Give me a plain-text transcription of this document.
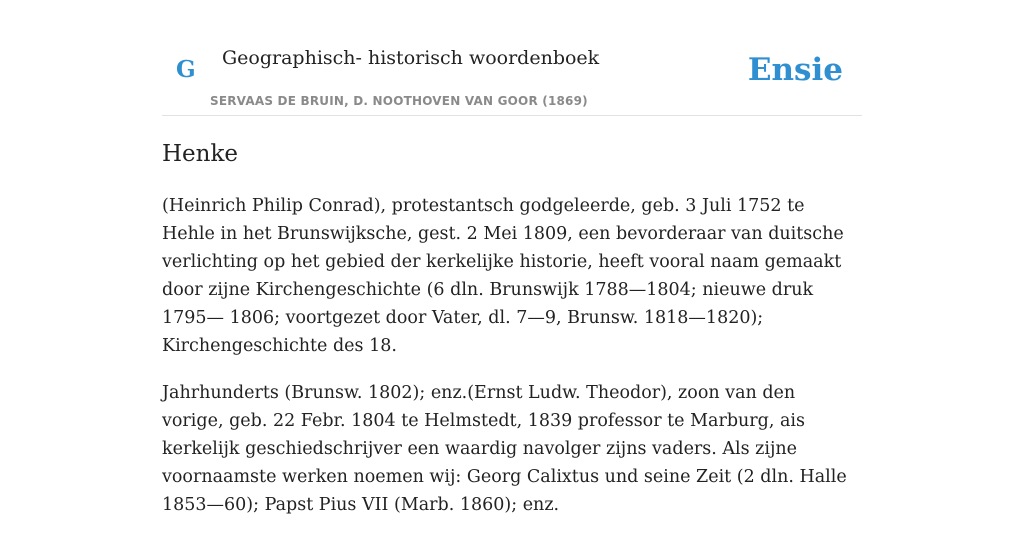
G Geographisch- historisch woordenboek
SERVAAS DE BRUIN, D. NOOTHOVEN VAN GOOR (1869)
Ensie
Henke

(Heinrich Philip Conrad), protestantsch godgeleerde, geb. 3 Juli 1752 te Hehle in het Brunswijksche, gest. 2 Mei 1809, een bevorderaar van duitsche verlichting op het gebied der kerkelijke historie, heeft vooral naam gemaakt door zijne Kirchengeschichte (6 dln. Brunswijk 1788—1804; nieuwe druk 1795— 1806; voortgezet door Vater, dl. 7—9, Brunsw. 1818—1820); Kirchengeschichte des 18.

Jahrhunderts (Brunsw. 1802); enz.(Ernst Ludw. Theodor), zoon van den vorige, geb. 22 Febr. 1804 te Helmstedt, 1839 professor te Marburg, ais kerkelijk geschiedschrijver een waardig navolger zijns vaders. Als zijne voornaamste werken noemen wij: Georg Calixtus und seine Zeit (2 dln. Halle 1853—60); Papst Pius VII (Marb. 1860); enz.
